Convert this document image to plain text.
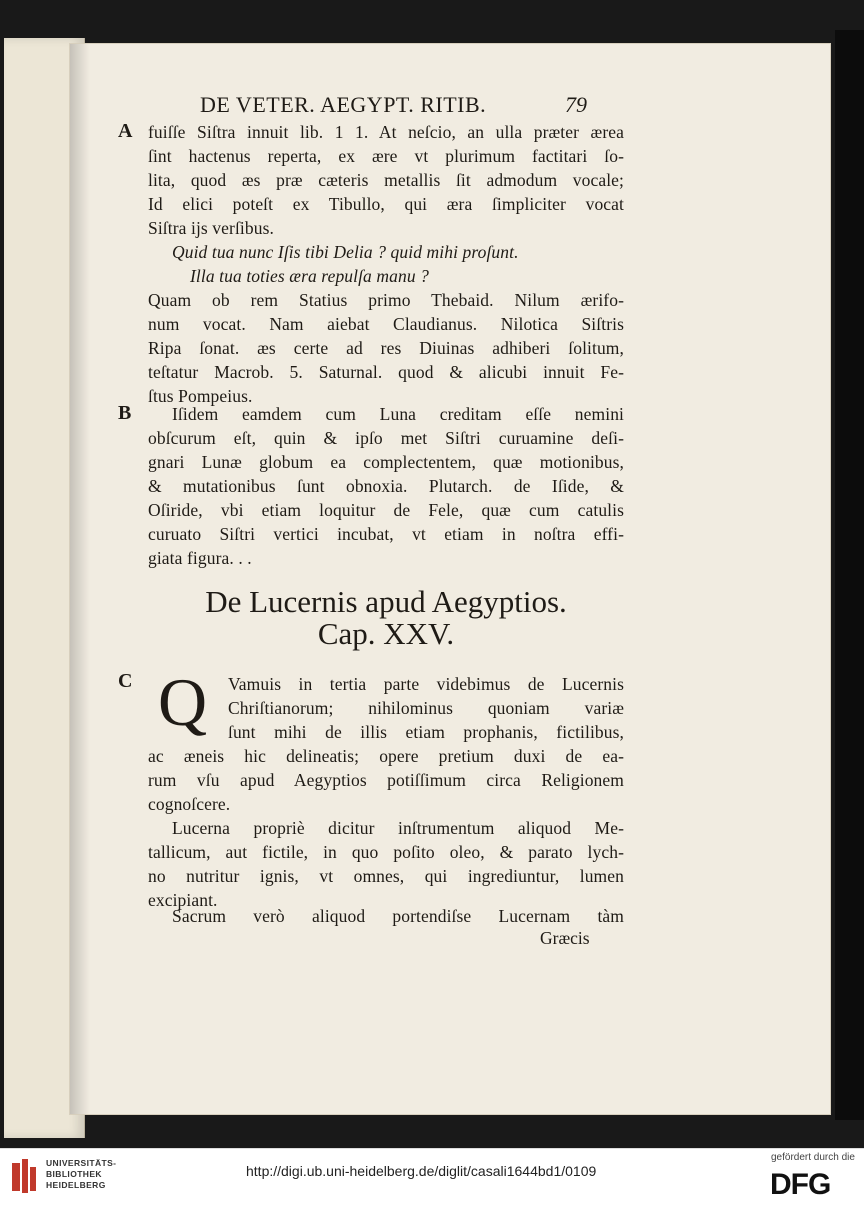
DE VETER. AEGYPT. RITIB.	79
A fuiſſe Siſtra innuit lib. 1 1. At neſcio, an ulla præter ærea

ſint hactenus reperta, ex ære vt plurimum factitari ſo-

lita, quod æs præ cæteris metallis ſit admodum vocale;

Id elici poteſt ex Tibullo, qui æra ſimpliciter vocat

Siſtra ijs verſibus.

Quid tua nunc Iſis tibi Delia ? quid mihi proſunt.

Illa tua toties æra repulſa manu ?

Quam ob rem Statius primo Thebaid. Nilum ærifo-

num vocat. Nam aiebat Claudianus. Nilotica Siſtris

Ripa ſonat. æs certe ad res Diuinas adhiberi ſolitum,

teſtatur Macrob. 5. Saturnal. quod & alicubi innuit Fe-

ſtus Pompeius.

B Iſidem eamdem cum Luna creditam eſſe nemini

obſcurum eſt, quin & ipſo met Siſtri curuamine deſi-

gnari Lunæ globum ea complectentem, quæ motionibus,

& mutationibus ſunt obnoxia. Plutarch. de Iſide, &

Oſiride, vbi etiam loquitur de Fele, quæ cum catulis

curuato Siſtri vertici incubat, vt etiam in noſtra effi-

giata figura. . .

De Lucernis apud Aegyptios.
Cap. XXV.
C Q Vamuis in tertia parte videbimus de Lucernis

Chriſtianorum; nihilominus quoniam variæ

ſunt mihi de illis etiam prophanis, fictilibus,

ac æneis hic delineatis; opere pretium duxi de ea-

rum vſu apud Aegyptios potiſſimum circa Religionem

cognoſcere.

Lucerna propriè dicitur inſtrumentum aliquod Me-

tallicum, aut fictile, in quo poſito oleo, & parato lych-

no nutritur ignis, vt omnes, qui ingrediuntur, lumen

excipiant.

Sacrum verò aliquod portendiſse Lucernam tàm

Græcis
UNIVERSITÄTS-
BIBLIOTHEK
HEIDELBERG
http://digi.ub.uni-heidelberg.de/diglit/casali1644bd1/0109
gefördert durch die
DFG
